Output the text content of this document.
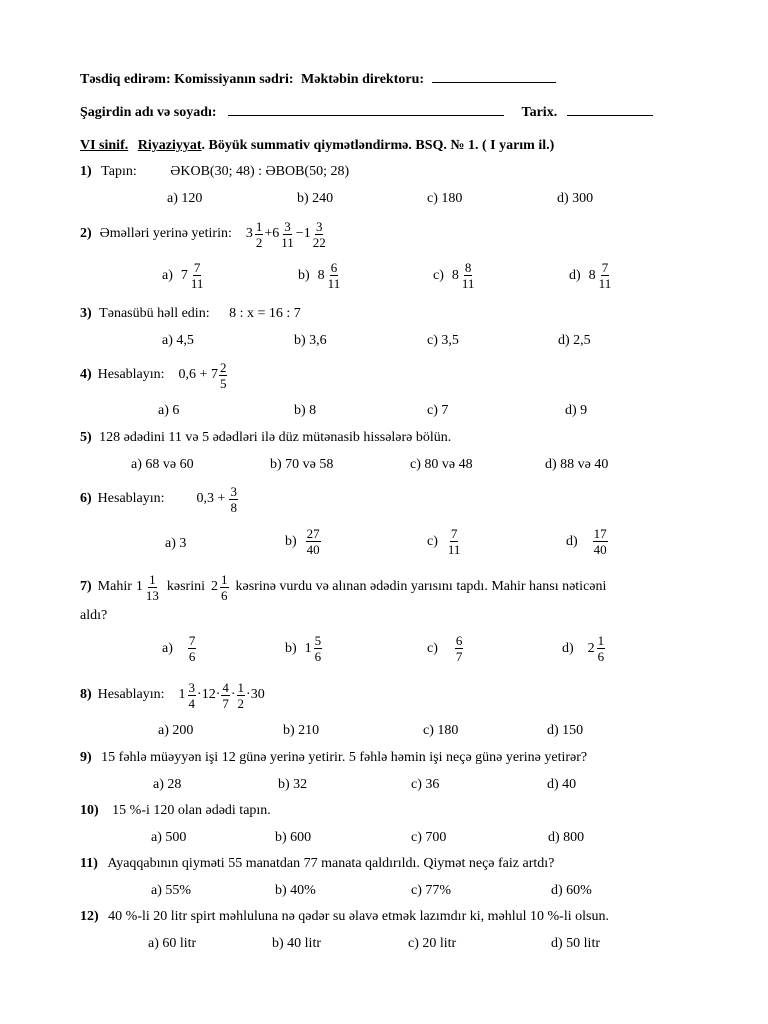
Təsdiq edirəm: Komissiyanın sədri: Məktəbin direktoru:
Şagirdin adı və soyadı:	Tarix.
VI sinif. Riyaziyyat. Böyük summativ qiymətləndirmə. BSQ. № 1. ( I yarım il.)
1) Tapın: ƏKOB(30; 48) : ƏBOB(50; 28)
a) 120	b) 240	c) 180	d) 300
2) Əməlləri yerinə yetirin: $3 \frac{1}{2} +6 \frac{3}{11} -1 \frac{3}{22}$
a) $7 \frac{7}{11}$	b) $8 \frac{6}{11}$	c) $8 \frac{8}{11}$	d) $8 \frac{7}{11}$
3) Tənasübü həll edin: 8 : x = 16 : 7
a) 4,5	b) 3,6	c) 3,5	d) 2,5
4) Hesablayın: $0,6 + 7 \frac{2}{5}$
a) 6	b) 8	c) 7	d) 9
5) 128 ədədini 11 və 5 ədədləri ilə düz mütənasib hissələrə bölün.
a) 68 və 60	b) 70 və 58	c) 80 və 48	d) 88 və 40
6) Hesablayın: $0,3 + \frac{3}{8}$
a) 3	$b) \frac{27}{40}$	$c) \frac{7}{11}$	$d) \frac{17}{40}$
7) Mahir $1 \frac{1}{13}$ kəsrini $2 \frac{1}{6}$ kəsrinə vurdu və alınan ədədin yarısını tapdı. Mahir hansı nəticəni
aldı?
$a) \frac{7}{6}$	b) $1 \frac{5}{6}$	$c) \frac{6}{7}$	d) $2 \frac{1}{6}$
8) Hesablayın: $1 \frac{3}{4} \cdot 12\cdot \frac{4}{7} \cdot \frac{1}{2} \cdot 30$
a) 200	b) 210	c) 180	d) 150
9) 15 fəhlə müəyyən işi 12 günə yerinə yetirir. 5 fəhlə həmin işi neçə günə yerinə yetirər?
a) 28	b) 32	c) 36	d) 40
10) 15 %-i 120 olan ədədi tapın.
a) 500	b) 600	c) 700	d) 800
11) Ayaqqabının qiyməti 55 manatdan 77 manata qaldırıldı. Qiymət neçə faiz artdı?
a) 55%	b) 40%	c) 77%	d) 60%
12) 40 %-li 20 litr spirt məhluluna nə qədər su əlavə etmək lazımdır ki, məhlul 10 %-li olsun.
a) 60 litr	b) 40 litr	c) 20 litr	d) 50 litr
